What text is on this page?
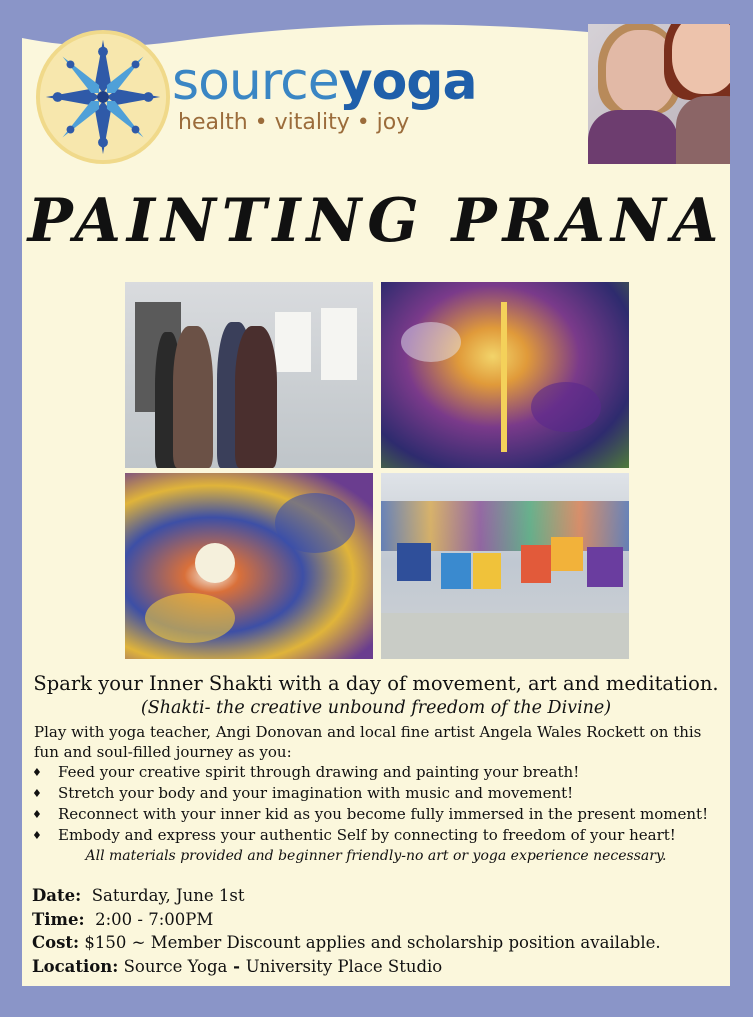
sourceyoga
health • vitality • joy
PAINTING PRANA
Spark your Inner Shakti with a day of movement, art and meditation.
(Shakti- the creative unbound freedom of the Divine)
Play with yoga teacher, Angi Donovan and local fine artist Angela Wales Rockett on this fun and soul-filled journey as you:
♦	Feed your creative spirit through drawing and painting your breath!
♦	Stretch your body and your imagination with music and movement!
♦	Reconnect with your inner kid as you become fully immersed in the present moment!
♦	Embody and express your authentic Self by connecting to freedom of your heart!
All materials provided and beginner friendly-no art or yoga experience necessary.
Date: Saturday, June 1st
Time: 2:00 - 7:00PM
Cost: $150 ~ Member Discount applies and scholarship position available.
Location: Source Yoga - University Place Studio
